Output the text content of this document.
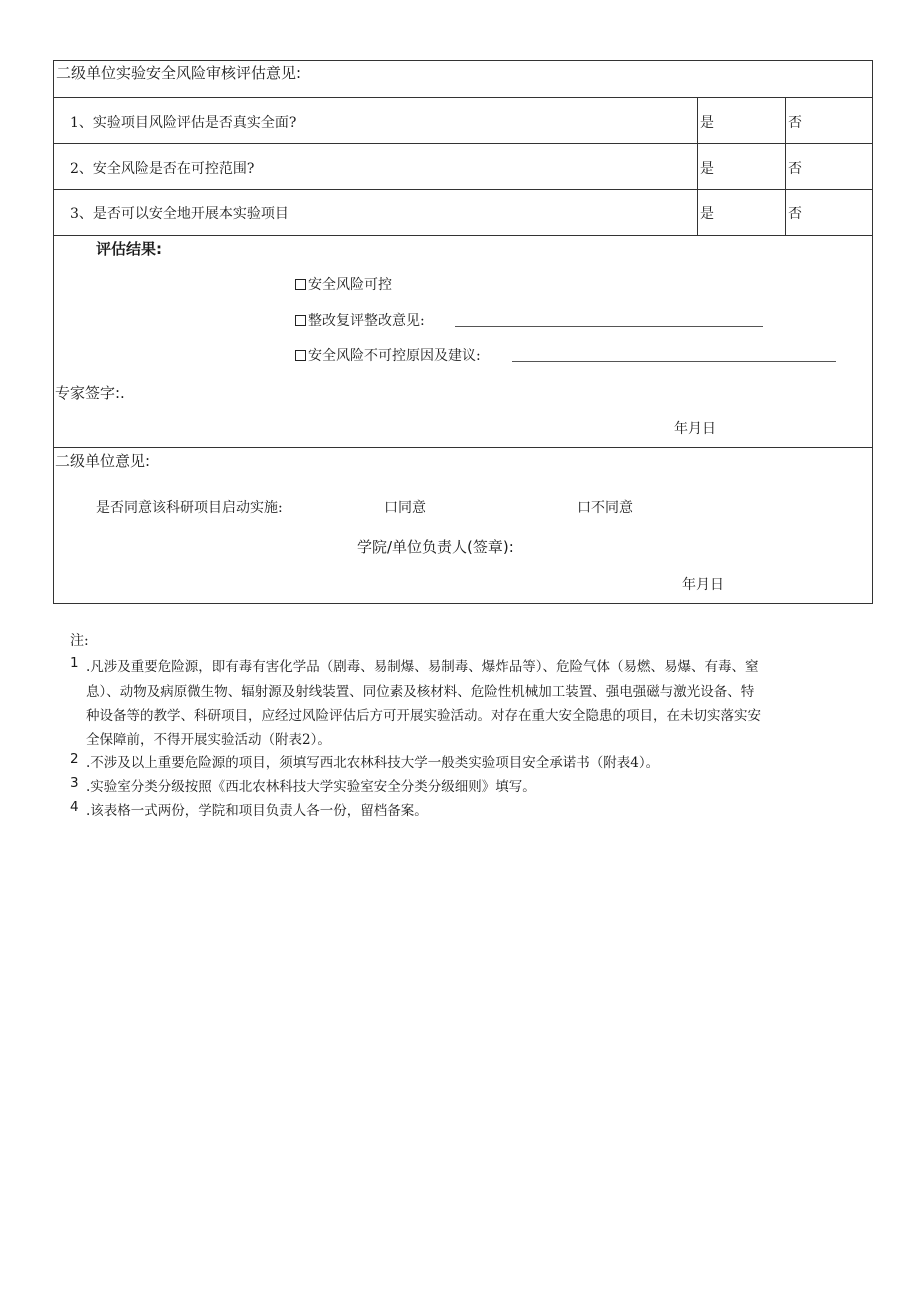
二级单位实验安全风险审核评估意见:
1、实验项目风险评估是否真实全面?	是	否
2、安全风险是否在可控范围?	是	否
3、是否可以安全地开展本实验项目	是	否
评估结果:
安全风险可控
整改复评整改意见:
安全风险不可控原因及建议:
专家签字:.
年月日
二级单位意见:
是否同意该科研项目启动实施:	口同意	口不同意
学院/单位负责人(签章):
年月日
注:
1 .凡涉及重要危险源，即有毒有害化学品（剧毒、易制爆、易制毒、爆炸品等）、危险气体（易燃、易爆、有毒、窒
息）、动物及病原微生物、辐射源及射线装置、同位素及核材料、危险性机械加工装置、强电强磁与激光设备、特
种设备等的教学、科研项目，应经过风险评估后方可开展实验活动。对存在重大安全隐患的项目，在未切实落实安
全保障前，不得开展实验活动（附表2）。
2 .不涉及以上重要危险源的项目，须填写西北农林科技大学一般类实验项目安全承诺书（附表4）。
3 .实验室分类分级按照《西北农林科技大学实验室安全分类分级细则》填写。
4 .该表格一式两份，学院和项目负责人各一份，留档备案。
